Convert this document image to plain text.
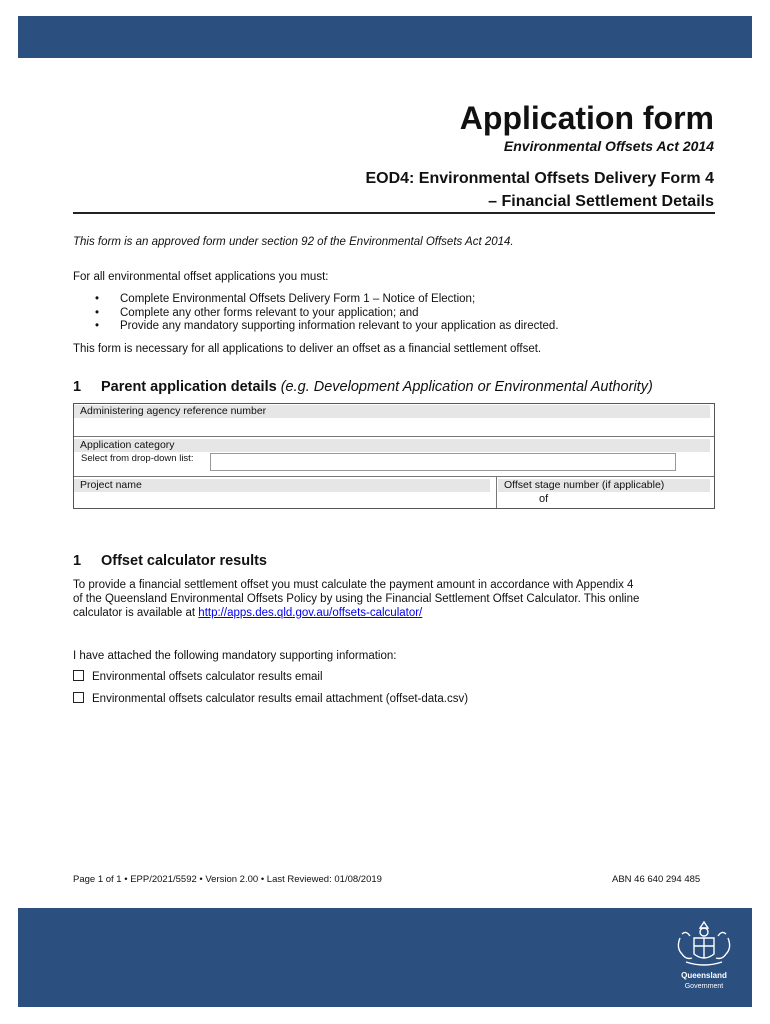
Application form
Environmental Offsets Act 2014
EOD4: Environmental Offsets Delivery Form 4
– Financial Settlement Details
This form is an approved form under section 92 of the Environmental Offsets Act 2014.
For all environmental offset applications you must:
• Complete Environmental Offsets Delivery Form 1 – Notice of Election;
• Complete any other forms relevant to your application; and
• Provide any mandatory supporting information relevant to your application as directed.
This form is necessary for all applications to deliver an offset as a financial settlement offset.
1 Parent application details (e.g. Development Application or Environmental Authority)
Administering agency reference number
Application category
Select from drop-down list:
Project name	Offset stage number (if applicable)
of
1 Offset calculator results
To provide a financial settlement offset you must calculate the payment amount in accordance with Appendix 4
of the Queensland Environmental Offsets Policy by using the Financial Settlement Offset Calculator. This online
calculator is available at http://apps.des.qld.gov.au/offsets-calculator/
I have attached the following mandatory supporting information:
Environmental offsets calculator results email
Environmental offsets calculator results email attachment (offset-data.csv)
Page 1 of 1 • EPP/2021/5592 • Version 2.00 • Last Reviewed: 01/08/2019	ABN 46 640 294 485
Queensland
Government
